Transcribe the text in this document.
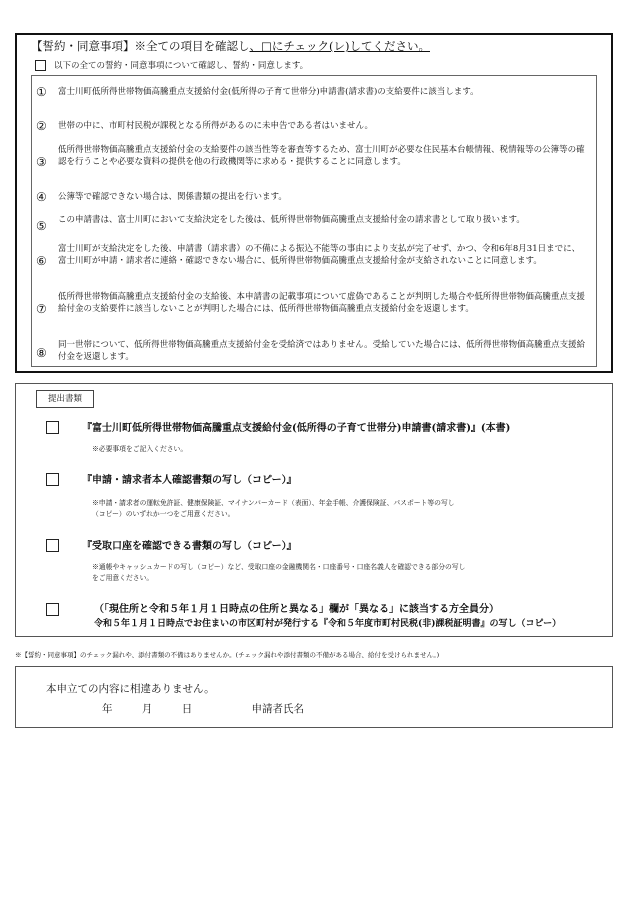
【誓約・同意事項】※全ての項目を確認し、□にチェック(レ)してください。
以下の全ての誓約・同意事項について確認し、誓約・同意します。
① 富士川町低所得世帯物価高騰重点支援給付金(低所得の子育て世帯分)申請書(請求書)の支給要件に該当します。
② 世帯の中に、市町村民税が課税となる所得があるのに未申告である者はいません。
③
低所得世帯物価高騰重点支援給付金の支給要件の該当性等を審査等するため、富士川町が必要な住民基本台帳情報、税情報等の公簿等の確認を行うことや必要な資料の提供を他の行政機関等に求める・提供することに同意します。
④ 公簿等で確認できない場合は、関係書類の提出を行います。
⑤ この申請書は、富士川町において支給決定をした後は、低所得世帯物価高騰重点支援給付金の請求書として取り扱います。
⑥
富士川町が支給決定をした後、申請書（請求書）の不備による振込不能等の事由により支払が完了せず、かつ、令和6年8月31日までに、富士川町が申請・請求者に連絡・確認できない場合に、低所得世帯物価高騰重点支援給付金が支給されないことに同意します。
⑦
低所得世帯物価高騰重点支援給付金の支給後、本申請書の記載事項について虚偽であることが判明した場合や低所得世帯物価高騰重点支援給付金の支給要件に該当しないことが判明した場合には、低所得世帯物価高騰重点支援給付金を返還します。
⑧
同一世帯について、低所得世帯物価高騰重点支援給付金を受給済ではありません。受給していた場合には、低所得世帯物価高騰重点支援給付金を返還します。
提出書類
『富士川町低所得世帯物価高騰重点支援給付金(低所得の子育て世帯分)申請書(請求書)』(本書)
※必要事項をご記入ください。
『申請・請求者本人確認書類の写し（コピー）』
※申請・請求者の運転免許証、健康保険証、マイナンバーカード（表面）、年金手帳、介護保険証、パスポート等の写し
（コピー）のいずれか一つをご用意ください。
『受取口座を確認できる書類の写し（コピー）』
※通帳やキャッシュカードの写し（コピー）など、受取口座の金融機関名・口座番号・口座名義人を確認できる部分の写し
をご用意ください。
（「現住所と令和５年１月１日時点の住所と異なる」欄が「異なる」に該当する方全員分）
令和５年１月１日時点でお住まいの市区町村が発行する『令和５年度市町村民税(非)課税証明書』の写し（コピー）
※【誓約・同意事項】のチェック漏れや、添付書類の不備はありませんか。(チェック漏れや添付書類の不備がある場合、給付を受けられません。)
本申立ての内容に相違ありません。
年	月	日	申請者氏名
